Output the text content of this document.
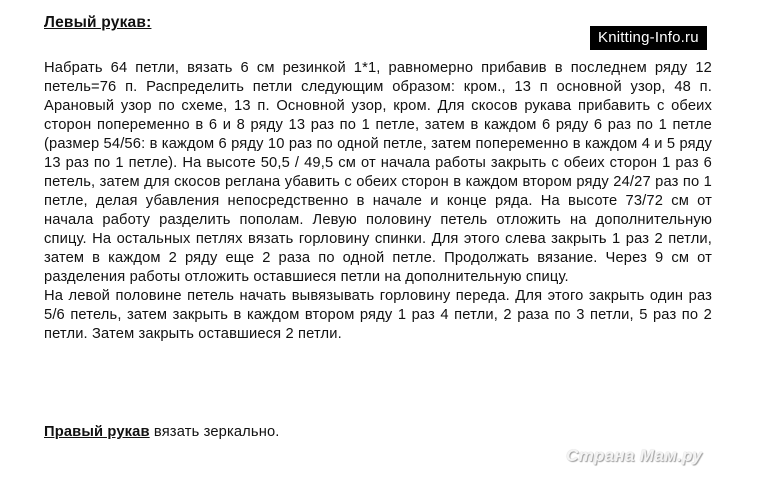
Левый рукав:
Knitting-Info.ru

Набрать 64 петли, вязать 6 см резинкой 1*1, равномерно прибавив в последнем ряду 12 петель=76 п. Распределить петли следующим образом: кром., 13 п основной узор, 48 п. Арановый узор по схеме, 13 п. Основной узор, кром. Для скосов рукава прибавить с обеих сторон попеременно в 6 и 8 ряду 13 раз по 1 петле, затем в каждом 6 ряду 6 раз по 1 петле (размер 54/56: в каждом 6 ряду 10 раз по одной петле, затем попеременно в каждом 4 и 5 ряду 13 раз по 1 петле). На высоте 50,5 / 49,5 см от начала работы закрыть с обеих сторон 1 раз 6 петель, затем для скосов реглана убавить с обеих сторон в каждом втором ряду 24/27 раз по 1 петле, делая убавления непосредственно в начале и конце ряда. На высоте 73/72 см от начала работу разделить пополам. Левую половину петель отложить на дополнительную спицу. На остальных петлях вязать горловину спинки. Для этого слева закрыть 1 раз 2 петли, затем в каждом 2 ряду еще 2 раза по одной петле. Продолжать вязание. Через 9 см от разделения работы отложить оставшиеся петли на дополнительную спицу.

На левой половине петель начать вывязывать горловину переда. Для этого закрыть один раз 5/6 петель, затем закрыть в каждом втором ряду 1 раз 4 петли, 2 раза по 3 петли, 5 раз по 2 петли. Затем закрыть оставшиеся 2 петли.

Правый рукав вязать зеркально.
Страна Мам.ру
